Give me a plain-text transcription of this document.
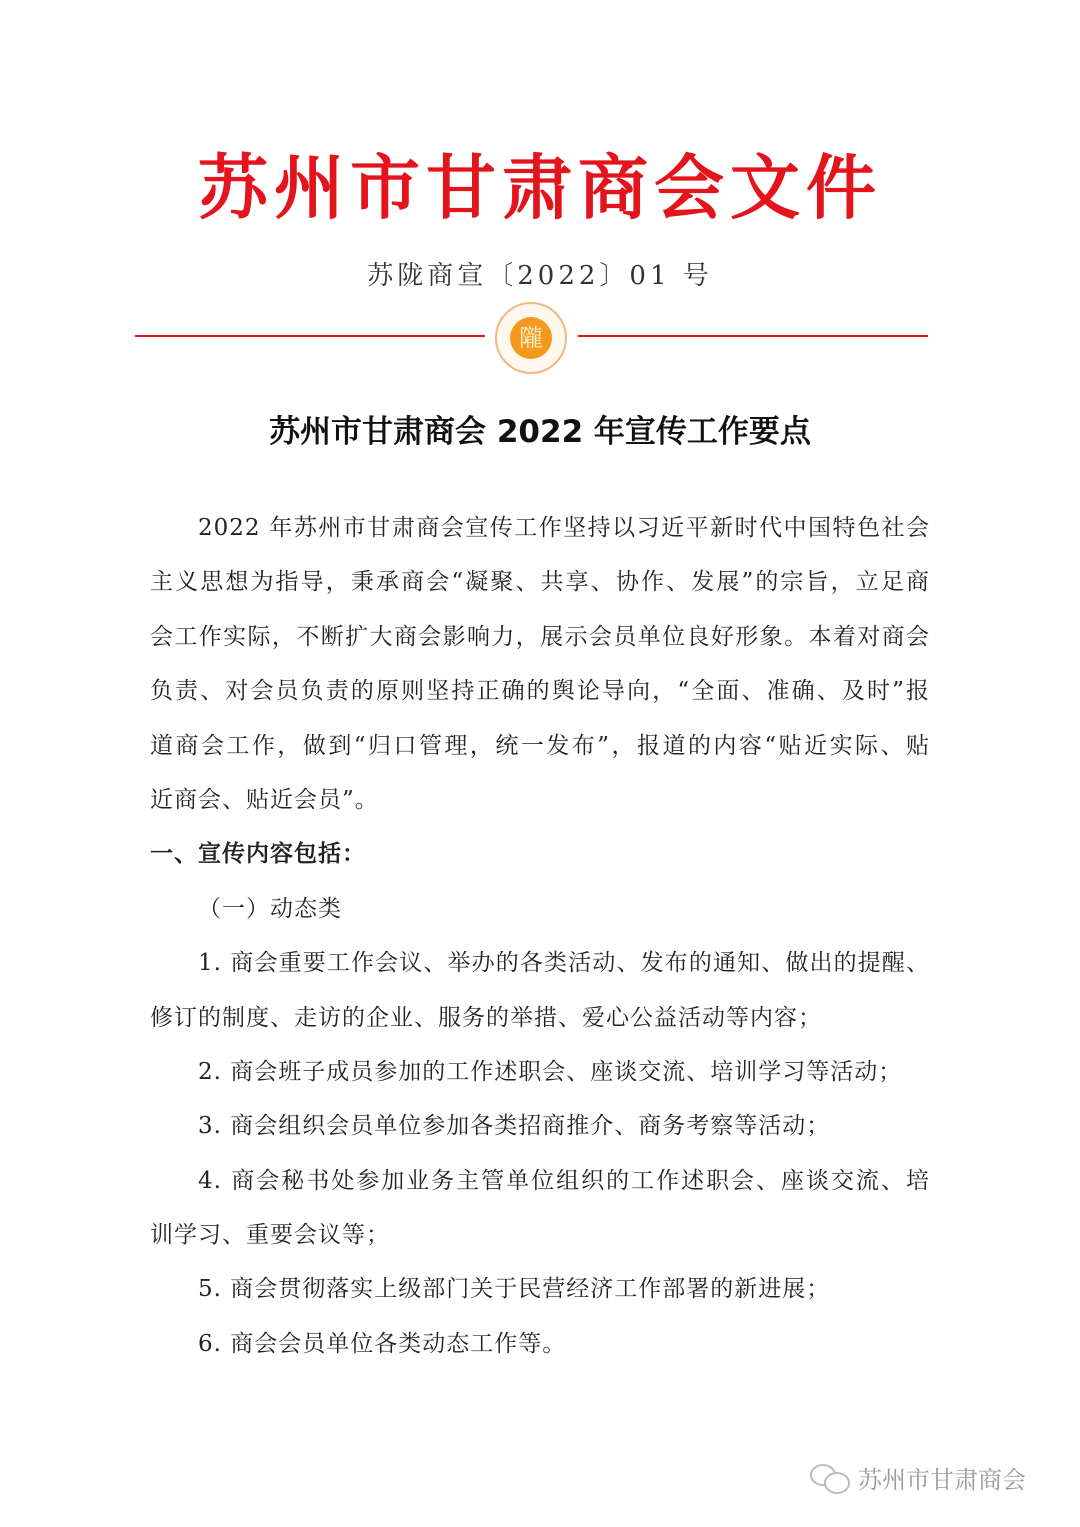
苏州市甘肃商会文件
苏陇商宣〔2022〕01 号
隴
苏州市甘肃商会 2022 年宣传工作要点
2022 年苏州市甘肃商会宣传工作坚持以习近平新时代中国特色社会
主义思想为指导，秉承商会“凝聚、共享、协作、发展”的宗旨，立足商
会工作实际，不断扩大商会影响力，展示会员单位良好形象。本着对商会
负责、对会员负责的原则坚持正确的舆论导向，“全面、准确、及时”报
道商会工作，做到“归口管理，统一发布”，报道的内容“贴近实际、贴
近商会、贴近会员”。
一、宣传内容包括：
（一）动态类
1. 商会重要工作会议、举办的各类活动、发布的通知、做出的提醒、
修订的制度、走访的企业、服务的举措、爱心公益活动等内容；
2. 商会班子成员参加的工作述职会、座谈交流、培训学习等活动；
3. 商会组织会员单位参加各类招商推介、商务考察等活动；
4. 商会秘书处参加业务主管单位组织的工作述职会、座谈交流、培
训学习、重要会议等；
5. 商会贯彻落实上级部门关于民营经济工作部署的新进展；
6. 商会会员单位各类动态工作等。
苏州市甘肃商会
